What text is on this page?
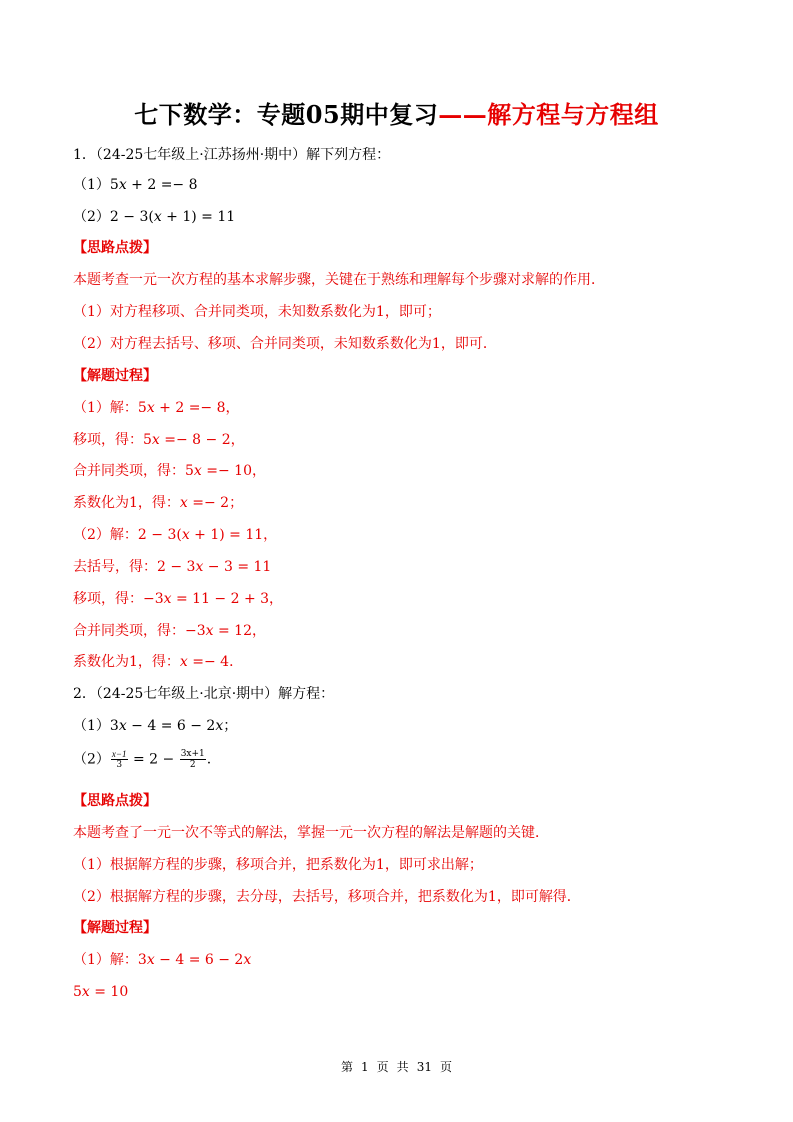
七下数学：专题05期中复习——解方程与方程组
1．（24-25七年级上·江苏扬州·期中）解下列方程：
（1）5𝑥 + 2 =− 8
（2）2 − 3(𝑥 + 1) = 11
【思路点拨】
本题考查一元一次方程的基本求解步骤，关键在于熟练和理解每个步骤对求解的作用．
（1）对方程移项、合并同类项，未知数系数化为1，即可；
（2）对方程去括号、移项、合并同类项，未知数系数化为1，即可．
【解题过程】
（1）解：5𝑥 + 2 =− 8，
移项，得：5𝑥 =− 8 − 2，
合并同类项，得：5𝑥 =− 10，
系数化为1，得：𝑥 =− 2；
（2）解：2 − 3(𝑥 + 1) = 11，
去括号，得：2 − 3𝑥 − 3 = 11
移项，得：−3𝑥 = 11 − 2 + 3，
合并同类项，得：−3𝑥 = 12，
系数化为1，得：𝑥 =− 4．
2．（24-25七年级上·北京·期中）解方程：
（1）3𝑥 − 4 = 6 − 2𝑥；
$(2) \frac{x-1}{3} = 2 - \frac{3x+1}{2}$ .
【思路点拨】
本题考查了一元一次不等式的解法，掌握一元一次方程的解法是解题的关键．
（1）根据解方程的步骤，移项合并，把系数化为1，即可求出解；
（2）根据解方程的步骤，去分母，去括号，移项合并，把系数化为1，即可解得．
【解题过程】
（1）解：3𝑥 − 4 = 6 − 2𝑥
5𝑥 = 10
第 1 页 共 31 页
